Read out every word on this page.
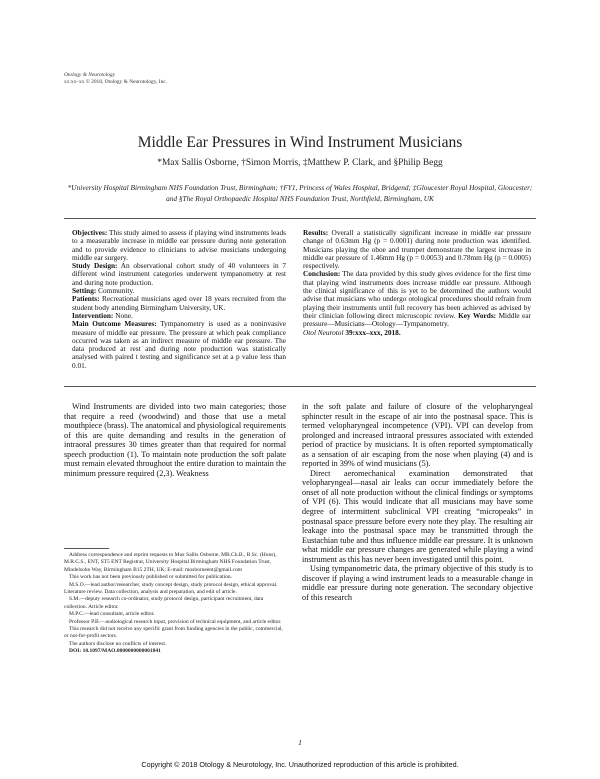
Otology & Neurotology
xx:xx–xx © 2018, Otology & Neurotology, Inc.
Middle Ear Pressures in Wind Instrument Musicians
*Max Sallis Osborne, †Simon Morris, ‡Matthew P. Clark, and §Philip Begg
*University Hospital Birmingham NHS Foundation Trust, Birmingham; †FY1, Princess of Wales Hospital, Bridgend; ‡Gloucester Royal Hospital, Gloucester; and §The Royal Orthopaedic Hospital NHS Foundation Trust, Northfield, Birmingham, UK

Objectives: This study aimed to assess if playing wind instruments leads to a measurable increase in middle ear pressure during note generation and to provide evidence to clinicians to advise musicians undergoing middle ear surgery.

Study Design: An observational cohort study of 40 volunteers in 7 different wind instrument categories underwent tympanometry at rest and during note production.

Setting: Community.

Patients: Recreational musicians aged over 18 years recruited from the student body attending Birmingham University, UK.

Intervention: None.

Main Outcome Measures: Tympanometry is used as a noninvasive measure of middle ear pressure. The pressure at which peak compliance occurred was taken as an indirect measure of middle ear pressure. The data produced at rest and during note production was statistically analysed with paired t testing and significance set at a p value less than 0.01.

Results: Overall a statistically significant increase in middle ear pressure change of 0.63mm Hg (p = 0.0001) during note production was identified. Musicians playing the oboe and trumpet demonstrate the largest increase in middle ear pressure of 1.46mm Hg (p = 0.0053) and 0.78mm Hg (p = 0.0005) respectively.

Conclusion: The data provided by this study gives evidence for the first time that playing wind instruments does increase middle ear pressure. Although the clinical significance of this is yet to be determined the authors would advise that musicians who undergo otological procedures should refrain from playing their instruments until full recovery has been achieved as advised by their clinician following direct microscopic review. Key Words: Middle ear pressure—Musicians—Otology—Tympanometry.

Otol Neurotol 39:xxx–xxx, 2018.

Wind Instruments are divided into two main categories; those that require a reed (woodwind) and those that use a metal mouthpiece (brass). The anatomical and physiological requirements of this are quite demanding and results in the generation of intraoral pressures 30 times greater than that required for normal speech production (1). To maintain note production the soft palate must remain elevated throughout the entire duration to maintain the minimum pressure required (2,3). Weakness

Address correspondence and reprint requests to Max Sallis Osborne, MB.Ch.B., B.Sc. (Hons), M.R.C.S., ENT, ST5 ENT Registrar, University Hospital Birmingham NHS Foundation Trust, Mindelsohn Way, Birmingham B15 2TH, UK; E-mail: mosborneent@gmail.com

This work has not been previously published or submitted for publication.

M.S.O.—lead author/researcher, study concept design, study protocol design, ethical approval. Literature review. Data collection, analysis and preparation, and edit of article.

S.M.—deputy research co-ordinator, study protocol design, participant recruitment, data collection. Article editor.

M.P.C.—lead consultant, article editor.

Professor P.B.—audiological research input, provision of technical equipment, and article editor.

This research did not receive any specific grant from funding agencies in the public, commercial, or not-for-profit sectors.

The authors disclose no conflicts of interest.

DOI: 10.1097/MAO.0000000000001841

in the soft palate and failure of closure of the velopharyngeal sphincter result in the escape of air into the postnasal space. This is termed velopharyngeal incompetence (VPI). VPI can develop from prolonged and increased intraoral pressures associated with extended period of practice by musicians. It is often reported symptomatically as a sensation of air escaping from the nose when playing (4) and is reported in 39% of wind musicians (5).

Direct aeromechanical examination demonstrated that velopharyngeal—nasal air leaks can occur immediately before the onset of all note production without the clinical findings or symptoms of VPI (6). This would indicate that all musicians may have some degree of intermittent subclinical VPI creating “micropeaks” in postnasal space pressure before every note they play. The resulting air leakage into the postnasal space may be transmitted through the Eustachian tube and thus influence middle ear pressure. It is unknown what middle ear pressure changes are generated while playing a wind instrument as this has never been investigated until this point.

Using tympanometric data, the primary objective of this study is to discover if playing a wind instrument leads to a measurable change in middle ear pressure during note generation. The secondary objective of this research

1
Copyright © 2018 Otology & Neurotology, Inc. Unauthorized reproduction of this article is prohibited.
